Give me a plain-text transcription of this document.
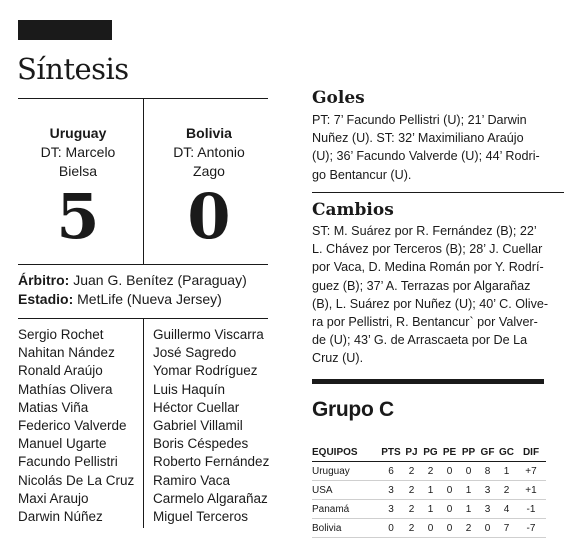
Síntesis
Uruguay
DT: Marcelo
Bielsa
Bolivia
DT: Antonio
Zago
5	0
Árbitro: Juan G. Benítez (Paraguay)
Estadio: MetLife (Nueva Jersey)
Sergio Rochet
Nahitan Nández
Ronald Araújo
Mathías Olivera
Matias Viña
Federico Valverde
Manuel Ugarte
Facundo Pellistri
Nicolás De La Cruz
Maxi Araujo
Darwin Núñez
Guillermo Viscarra
José Sagredo
Yomar Rodríguez
Luis Haquín
Héctor Cuellar
Gabriel Villamil
Boris Céspedes
Roberto Fernández
Ramiro Vaca
Carmelo Algarañaz
Miguel Terceros
Goles
PT: 7’ Facundo Pellistri (U); 21’ Darwin
Nuñez (U). ST: 32’ Maximiliano Araújo
(U); 36’ Facundo Valverde (U); 44’ Rodri-
go Bentancur (U).
Cambios
ST: M. Suárez por R. Fernández (B); 22’
L. Chávez por Terceros (B); 28’ J. Cuellar
por Vaca, D. Medina Román por Y. Rodrí-
guez (B); 37’ A. Terrazas por Algarañaz
(B), L. Suárez por Nuñez (U); 40’ C. Olive-
ra por Pellistri, R. Bentancur` por Valver-
de (U); 43’ G. de Arrascaeta por De La
Cruz (U).
Grupo C
EQUIPOS	PTS	PJ	PG	PE	PP	GF	GC	DIF
Uruguay	6	2	2	0	0	8	1	+7
USA	3	2	1	0	1	3	2	+1
Panamá	3	2	1	0	1	3	4	-1
Bolivia	0	2	0	0	2	0	7	-7
